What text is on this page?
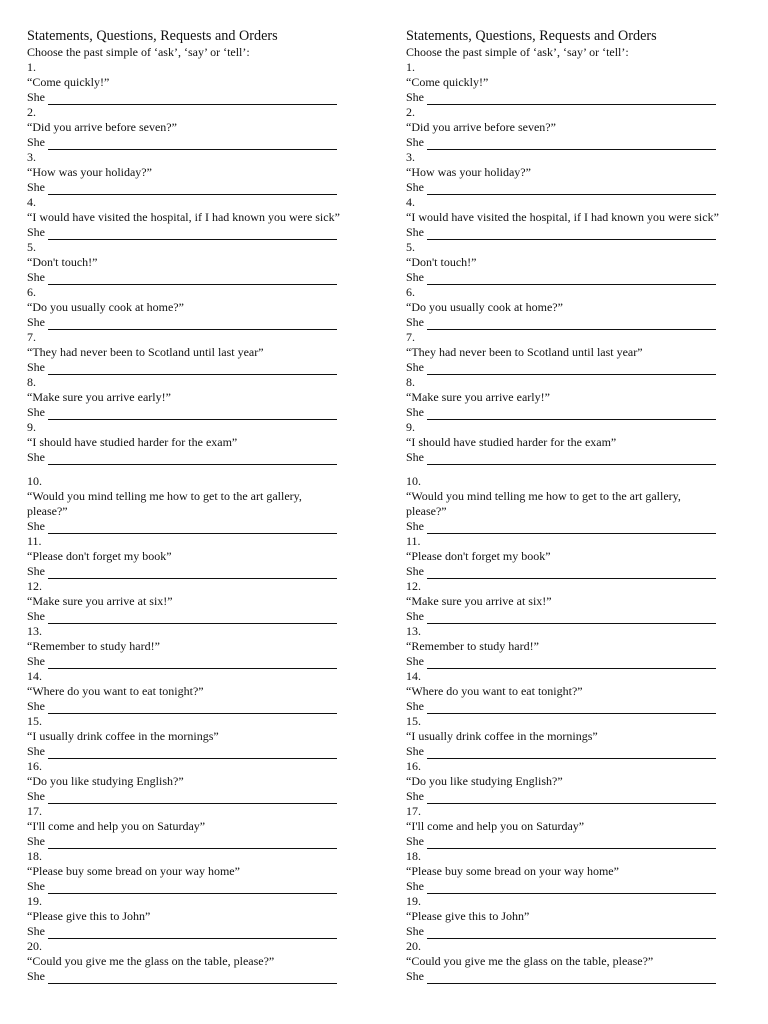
Statements, Questions, Requests and Orders
Choose the past simple of ‘ask’, ‘say’ or ‘tell’:
1.
“Come quickly!”
She
2.
“Did you arrive before seven?”
She
3.
“How was your holiday?”
She
4.
“I would have visited the hospital, if I had known you were sick”
She
5.
“Don't touch!”
She
6.
“Do you usually cook at home?”
She
7.
“They had never been to Scotland until last year”
She
8.
“Make sure you arrive early!”
She
9.
“I should have studied harder for the exam”
She
10.
“Would you mind telling me how to get to the art gallery, please?”
She
11.
“Please don't forget my book”
She
12.
“Make sure you arrive at six!”
She
13.
“Remember to study hard!”
She
14.
“Where do you want to eat tonight?”
She
15.
“I usually drink coffee in the mornings”
She
16.
“Do you like studying English?”
She
17.
“I'll come and help you on Saturday”
She
18.
“Please buy some bread on your way home”
She
19.
“Please give this to John”
She
20.
“Could you give me the glass on the table, please?”
She
Statements, Questions, Requests and Orders
Choose the past simple of ‘ask’, ‘say’ or ‘tell’:
1.
“Come quickly!”
She
2.
“Did you arrive before seven?”
She
3.
“How was your holiday?”
She
4.
“I would have visited the hospital, if I had known you were sick”
She
5.
“Don't touch!”
She
6.
“Do you usually cook at home?”
She
7.
“They had never been to Scotland until last year”
She
8.
“Make sure you arrive early!”
She
9.
“I should have studied harder for the exam”
She
10.
“Would you mind telling me how to get to the art gallery, please?”
She
11.
“Please don't forget my book”
She
12.
“Make sure you arrive at six!”
She
13.
“Remember to study hard!”
She
14.
“Where do you want to eat tonight?”
She
15.
“I usually drink coffee in the mornings”
She
16.
“Do you like studying English?”
She
17.
“I'll come and help you on Saturday”
She
18.
“Please buy some bread on your way home”
She
19.
“Please give this to John”
She
20.
“Could you give me the glass on the table, please?”
She
